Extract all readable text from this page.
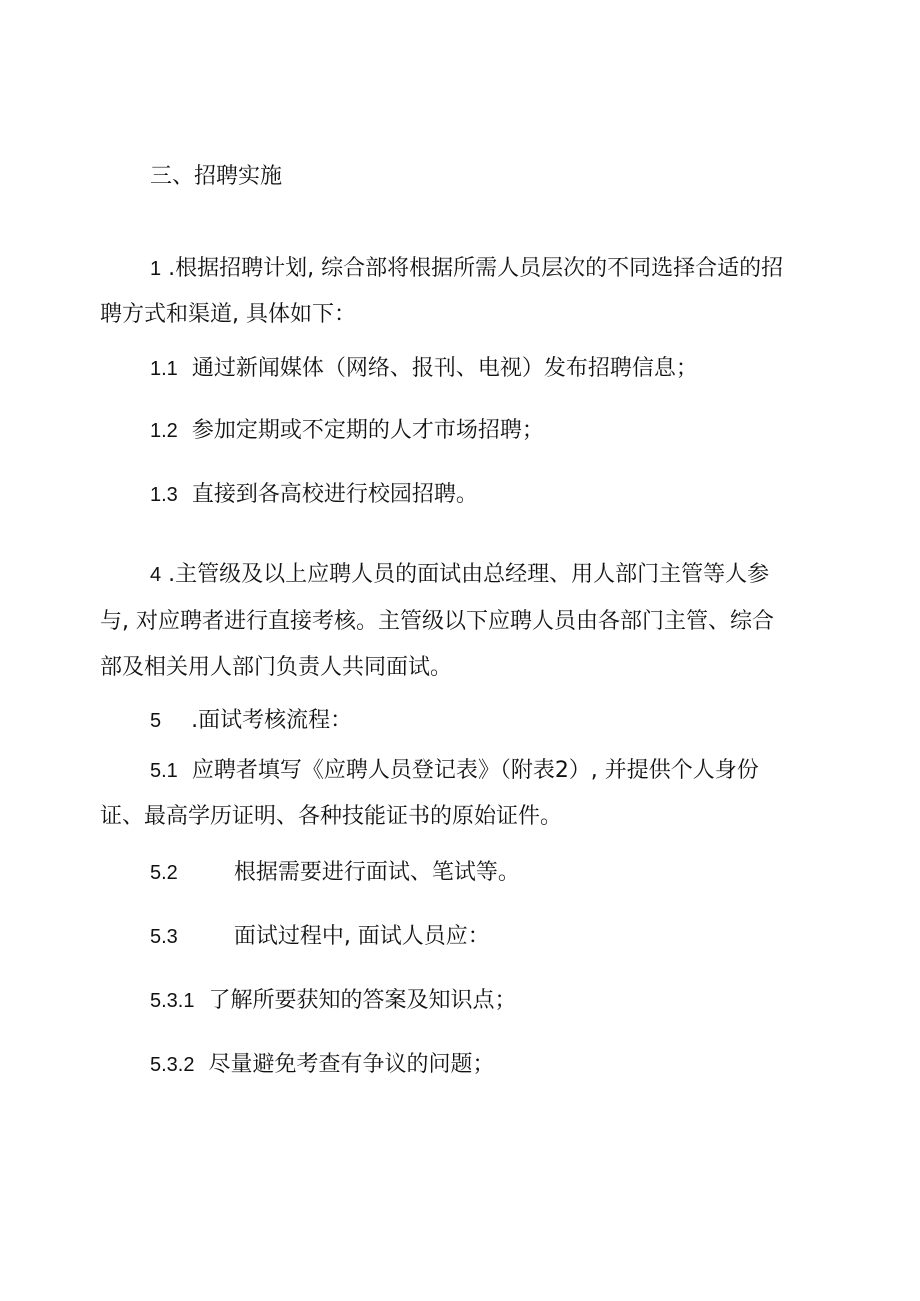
三、招聘实施
1 .根据招聘计划, 综合部将根据所需人员层次的不同选择合适的招
聘方式和渠道, 具体如下：
1.1 通过新闻媒体（网络、报刊、电视）发布招聘信息；
1.2 参加定期或不定期的人才市场招聘；
1.3 直接到各高校进行校园招聘。
4 .主管级及以上应聘人员的面试由总经理、用人部门主管等人参
与, 对应聘者进行直接考核。主管级以下应聘人员由各部门主管、综合
部及相关用人部门负责人共同面试。
5 .面试考核流程：
5.1 应聘者填写《应聘人员登记表》（附表2）, 并提供个人身份
证、最高学历证明、各种技能证书的原始证件。
5.2	根据需要进行面试、笔试等。
5.3	面试过程中, 面试人员应：
5.3.1 了解所要获知的答案及知识点；
5.3.2 尽量避免考查有争议的问题；
